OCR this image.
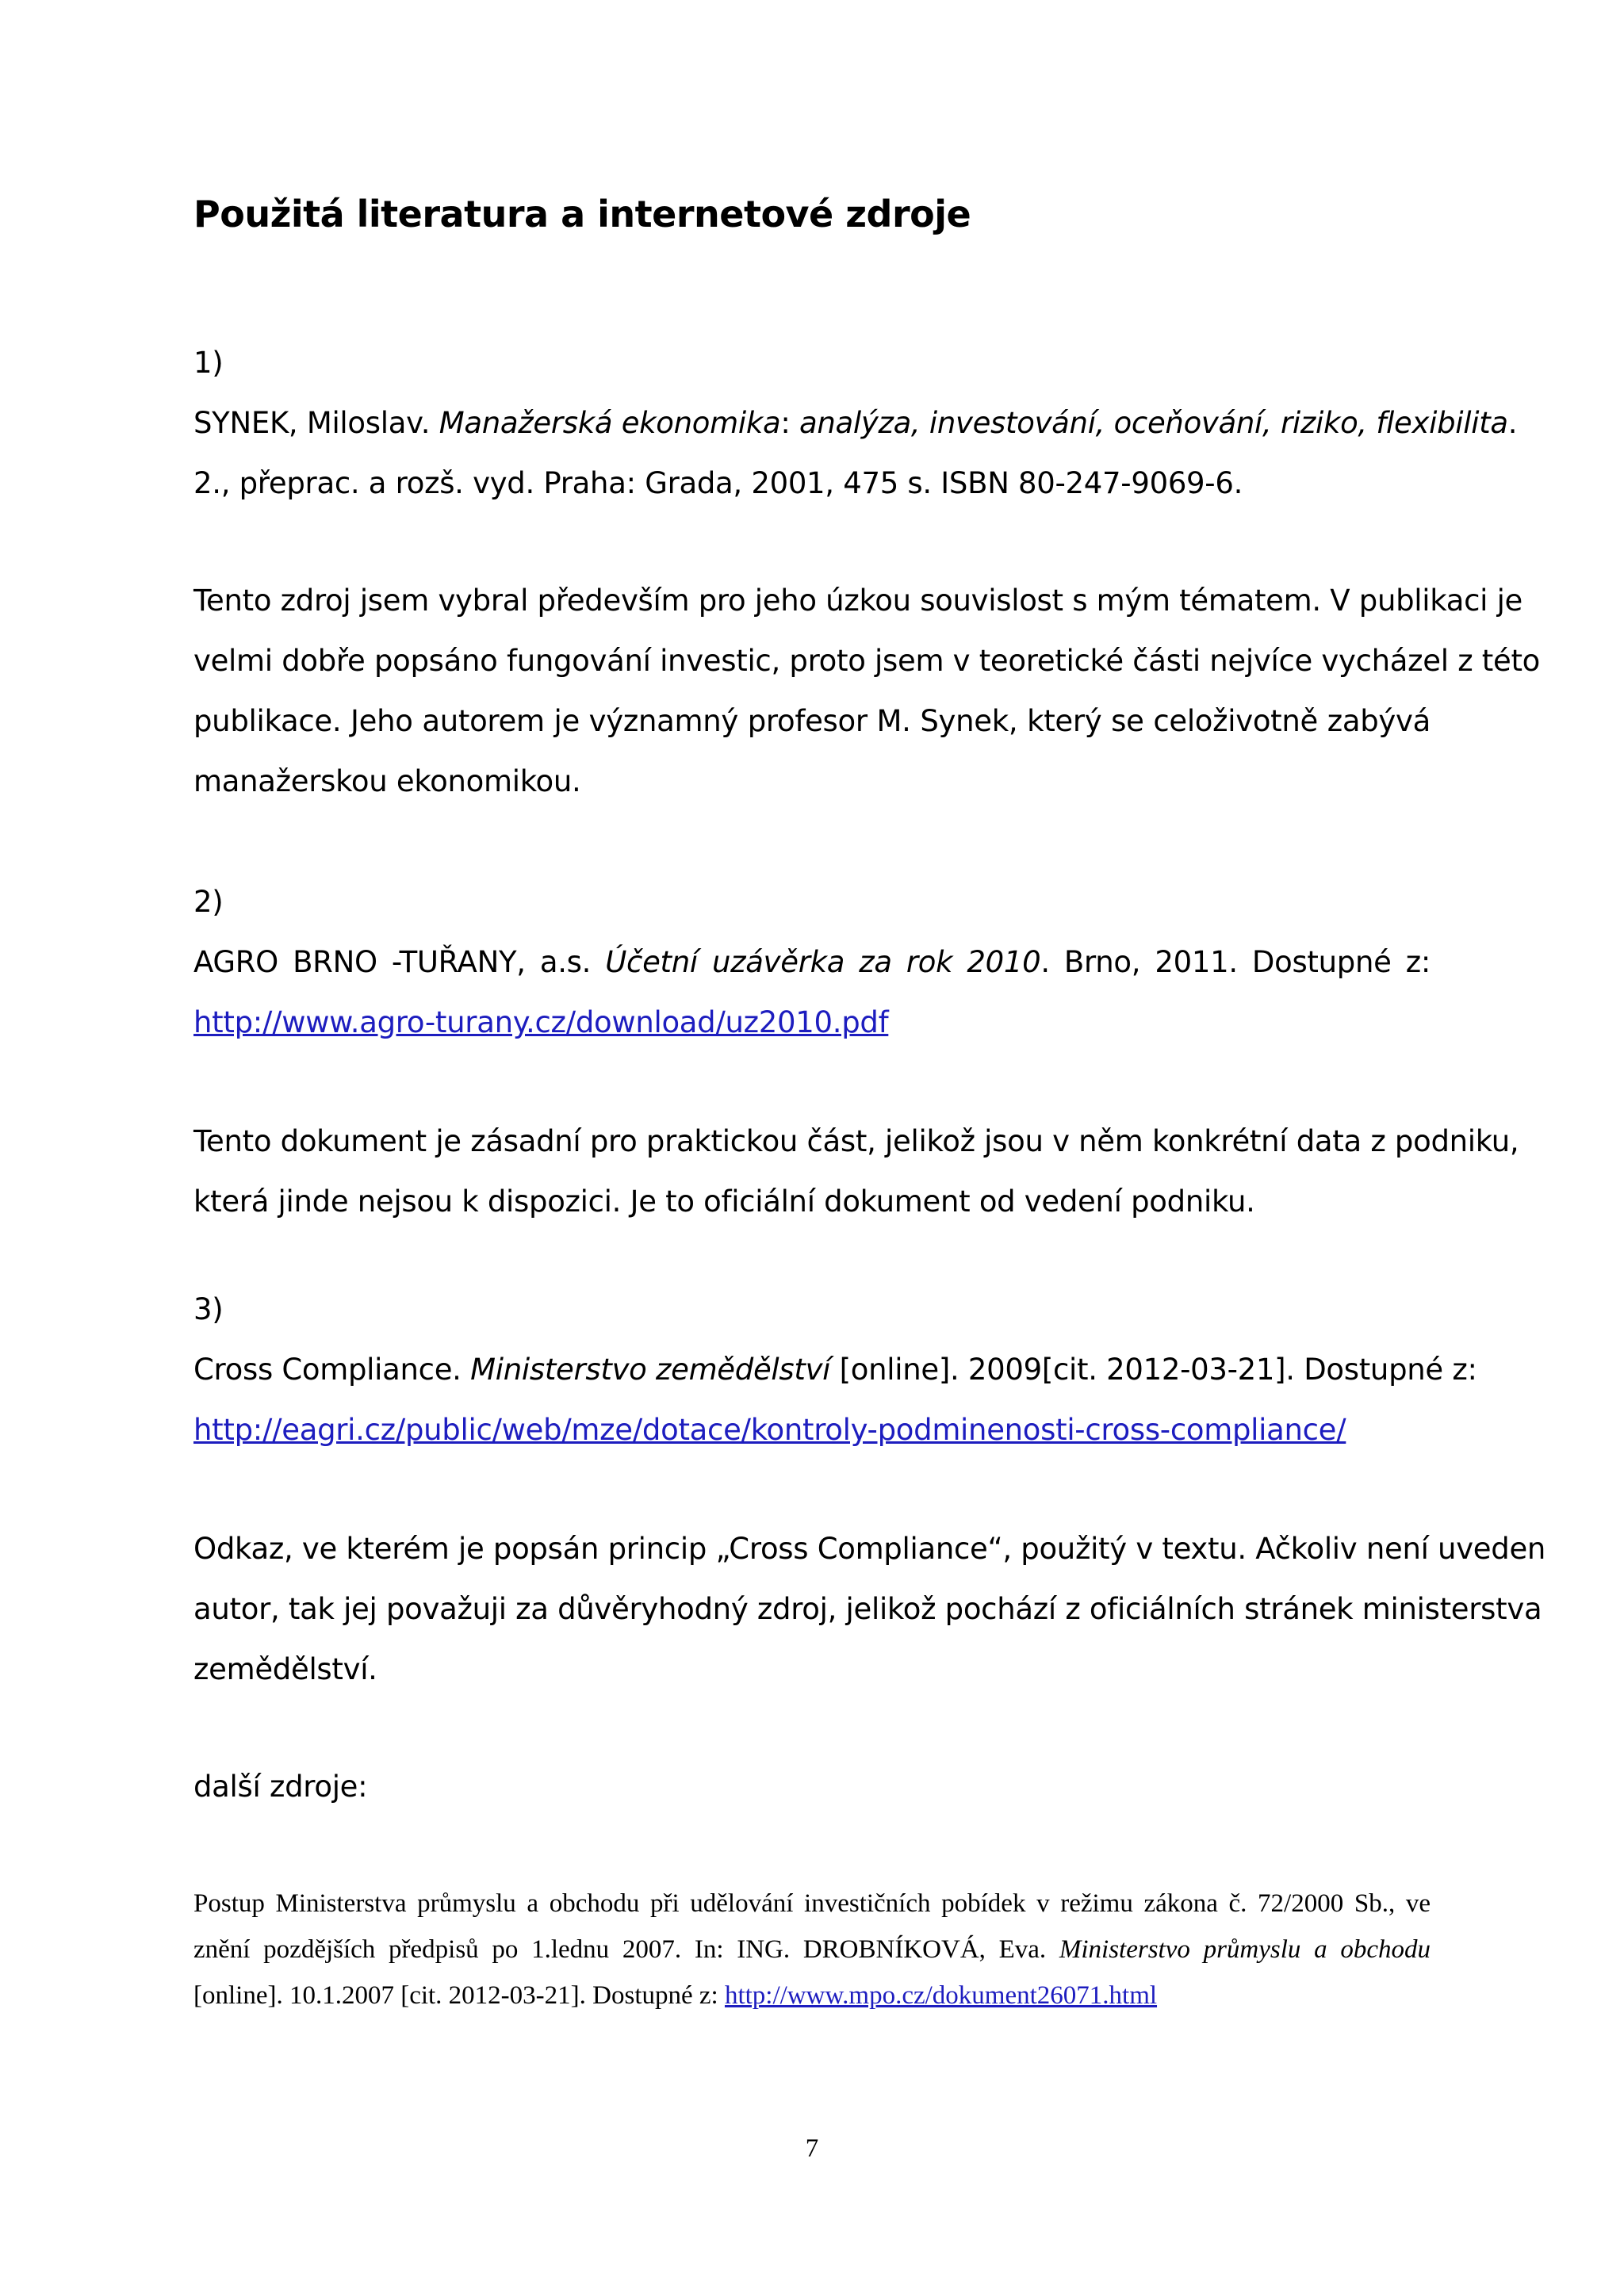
Použitá literatura a internetové zdroje
1)
SYNEK, Miloslav. Manažerská ekonomika: analýza, investování, oceňování, riziko, flexibilita.
2., přeprac. a rozš. vyd. Praha: Grada, 2001, 475 s. ISBN 80-247-9069-6.
Tento zdroj jsem vybral především pro jeho úzkou souvislost s mým tématem. V publikaci je
velmi dobře popsáno fungování investic, proto jsem v teoretické části nejvíce vycházel z této
publikace. Jeho autorem je významný profesor M. Synek, který se celoživotně zabývá
manažerskou ekonomikou.
2)
AGRO BRNO -TUŘANY, a.s. Účetní uzávěrka za rok 2010. Brno, 2011. Dostupné z:
http://www.agro-turany.cz/download/uz2010.pdf
Tento dokument je zásadní pro praktickou část, jelikož jsou v něm konkrétní data z podniku,
která jinde nejsou k dispozici. Je to oficiální dokument od vedení podniku.
3)
Cross Compliance. Ministerstvo zemědělství [online]. 2009[cit. 2012-03-21]. Dostupné z:
http://eagri.cz/public/web/mze/dotace/kontroly-podminenosti-cross-compliance/
Odkaz, ve kterém je popsán princip „Cross Compliance“, použitý v textu. Ačkoliv není uveden
autor, tak jej považuji za důvěryhodný zdroj, jelikož pochází z oficiálních stránek ministerstva
zemědělství.
další zdroje:
Postup Ministerstva průmyslu a obchodu při udělování investičních pobídek v režimu zákona č. 72/2000 Sb., ve
znění pozdějších předpisů po 1.lednu 2007. In: ING. DROBNÍKOVÁ, Eva. Ministerstvo průmyslu a obchodu
[online]. 10.1.2007 [cit. 2012-03-21]. Dostupné z: http://www.mpo.cz/dokument26071.html
7
